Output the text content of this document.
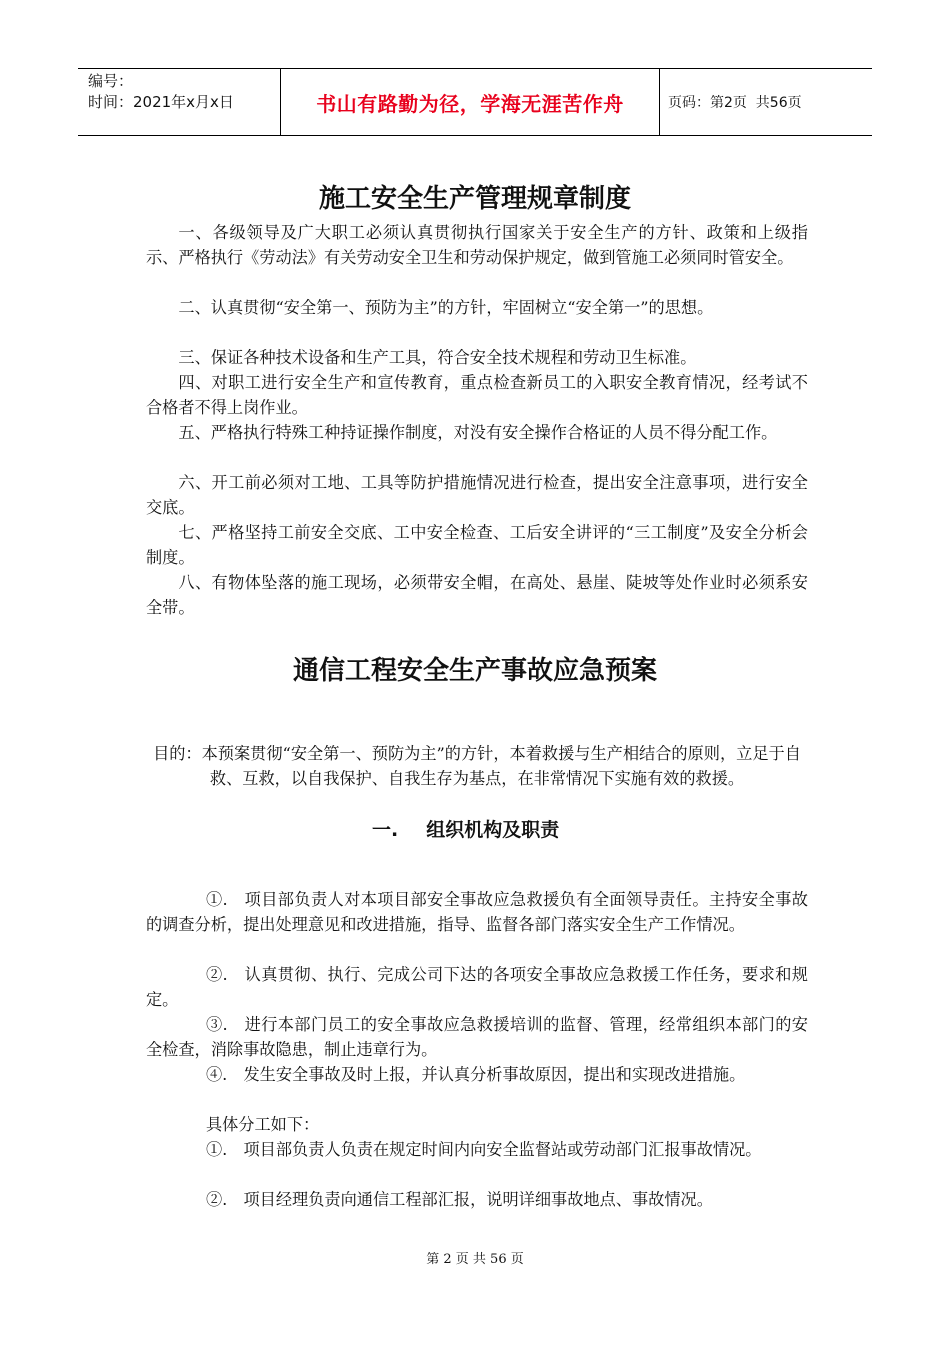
编号：
时间：2021年x月x日	书山有路勤为径，学海无涯苦作舟	页码：第2页  共56页
施工安全生产管理规章制度

一、各级领导及广大职工必须认真贯彻执行国家关于安全生产的方针、政策和上级指示、严格执行《劳动法》有关劳动安全卫生和劳动保护规定，做到管施工必须同时管安全。

二、认真贯彻“安全第一、预防为主”的方针，牢固树立“安全第一”的思想。

三、保证各种技术设备和生产工具，符合安全技术规程和劳动卫生标准。

四、对职工进行安全生产和宣传教育，重点检查新员工的入职安全教育情况，经考试不合格者不得上岗作业。

五、严格执行特殊工种持证操作制度，对没有安全操作合格证的人员不得分配工作。

六、开工前必须对工地、工具等防护措施情况进行检查，提出安全注意事项，进行安全交底。

七、严格坚持工前安全交底、工中安全检查、工后安全讲评的“三工制度”及安全分析会制度。

八、有物体坠落的施工现场，必须带安全帽，在高处、悬崖、陡坡等处作业时必须系安全带。

通信工程安全生产事故应急预案

目的：本预案贯彻“安全第一、预防为主”的方针，本着救援与生产相结合的原则，立足于自救、互救，以自我保护、自我生存为基点，在非常情况下实施有效的救援。

一. 组织机构及职责

①.　项目部负责人对本项目部安全事故应急救援负有全面领导责任。主持安全事故的调查分析，提出处理意见和改进措施，指导、监督各部门落实安全生产工作情况。

②.　认真贯彻、执行、完成公司下达的各项安全事故应急救援工作任务，要求和规定。

③.　进行本部门员工的安全事故应急救援培训的监督、管理，经常组织本部门的安全检查，消除事故隐患，制止违章行为。

④.　发生安全事故及时上报，并认真分析事故原因，提出和实现改进措施。

具体分工如下：

①.　项目部负责人负责在规定时间内向安全监督站或劳动部门汇报事故情况。

②.　项目经理负责向通信工程部汇报，说明详细事故地点、事故情况。

第 2 页 共 56 页
